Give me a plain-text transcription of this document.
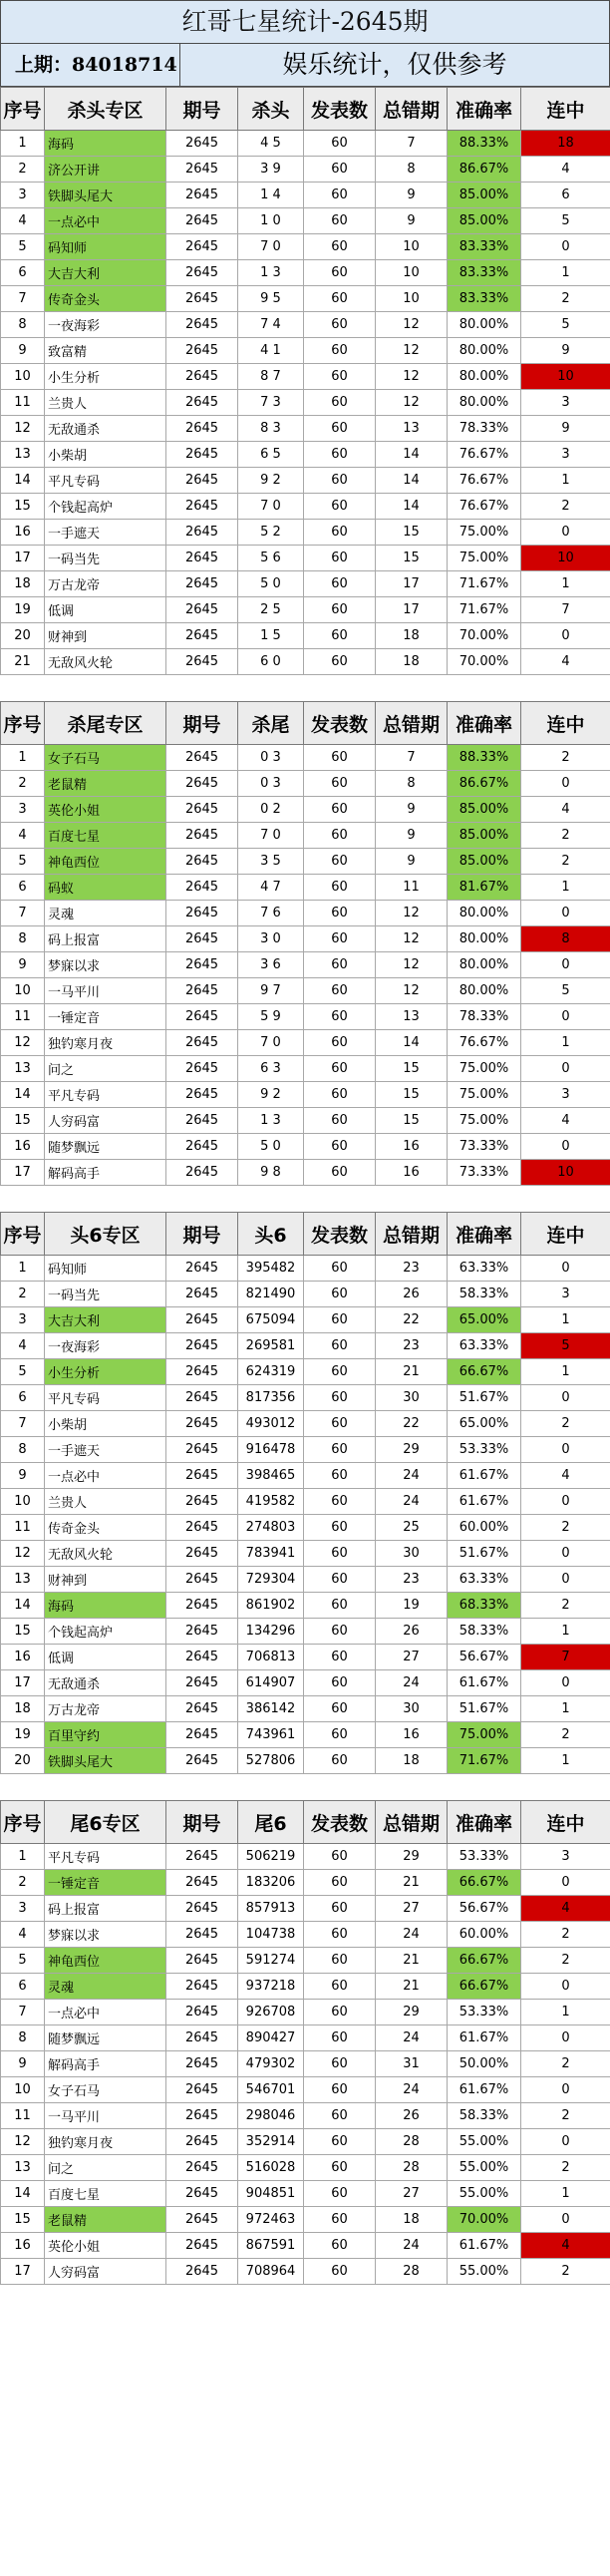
红哥七星统计-2645期
上期：84018714	娱乐统计，仅供参考
序号	杀头专区	期号	杀头	发表数	总错期	准确率	连中
1	海码	2645	4 5	60	7	88.33%	18
2	济公开讲	2645	3 9	60	8	86.67%	4
3	铁脚头尾大	2645	1 4	60	9	85.00%	6
4	一点必中	2645	1 0	60	9	85.00%	5
5	码知师	2645	7 0	60	10	83.33%	0
6	大吉大利	2645	1 3	60	10	83.33%	1
7	传奇金头	2645	9 5	60	10	83.33%	2
8	一夜海彩	2645	7 4	60	12	80.00%	5
9	致富精	2645	4 1	60	12	80.00%	9
10	小生分析	2645	8 7	60	12	80.00%	10
11	兰贵人	2645	7 3	60	12	80.00%	3
12	无敌通杀	2645	8 3	60	13	78.33%	9
13	小柴胡	2645	6 5	60	14	76.67%	3
14	平凡专码	2645	9 2	60	14	76.67%	1
15	个钱起高炉	2645	7 0	60	14	76.67%	2
16	一手遮天	2645	5 2	60	15	75.00%	0
17	一码当先	2645	5 6	60	15	75.00%	10
18	万古龙帝	2645	5 0	60	17	71.67%	1
19	低调	2645	2 5	60	17	71.67%	7
20	财神到	2645	1 5	60	18	70.00%	0
21	无敌风火轮	2645	6 0	60	18	70.00%	4
序号	杀尾专区	期号	杀尾	发表数	总错期	准确率	连中
1	女子石马	2645	0 3	60	7	88.33%	2
2	老鼠精	2645	0 3	60	8	86.67%	0
3	英伦小姐	2645	0 2	60	9	85.00%	4
4	百度七星	2645	7 0	60	9	85.00%	2
5	神龟西位	2645	3 5	60	9	85.00%	2
6	码蚁	2645	4 7	60	11	81.67%	1
7	灵魂	2645	7 6	60	12	80.00%	0
8	码上报富	2645	3 0	60	12	80.00%	8
9	梦寐以求	2645	3 6	60	12	80.00%	0
10	一马平川	2645	9 7	60	12	80.00%	5
11	一锤定音	2645	5 9	60	13	78.33%	0
12	独钓寒月夜	2645	7 0	60	14	76.67%	1
13	问之	2645	6 3	60	15	75.00%	0
14	平凡专码	2645	9 2	60	15	75.00%	3
15	人穷码富	2645	1 3	60	15	75.00%	4
16	随梦飘远	2645	5 0	60	16	73.33%	0
17	解码高手	2645	9 8	60	16	73.33%	10
序号	头6专区	期号	头6	发表数	总错期	准确率	连中
1	码知师	2645	395482	60	23	63.33%	0
2	一码当先	2645	821490	60	26	58.33%	3
3	大吉大利	2645	675094	60	22	65.00%	1
4	一夜海彩	2645	269581	60	23	63.33%	5
5	小生分析	2645	624319	60	21	66.67%	1
6	平凡专码	2645	817356	60	30	51.67%	0
7	小柴胡	2645	493012	60	22	65.00%	2
8	一手遮天	2645	916478	60	29	53.33%	0
9	一点必中	2645	398465	60	24	61.67%	4
10	兰贵人	2645	419582	60	24	61.67%	0
11	传奇金头	2645	274803	60	25	60.00%	2
12	无敌风火轮	2645	783941	60	30	51.67%	0
13	财神到	2645	729304	60	23	63.33%	0
14	海码	2645	861902	60	19	68.33%	2
15	个钱起高炉	2645	134296	60	26	58.33%	1
16	低调	2645	706813	60	27	56.67%	7
17	无敌通杀	2645	614907	60	24	61.67%	0
18	万古龙帝	2645	386142	60	30	51.67%	1
19	百里守约	2645	743961	60	16	75.00%	2
20	铁脚头尾大	2645	527806	60	18	71.67%	1
序号	尾6专区	期号	尾6	发表数	总错期	准确率	连中
1	平凡专码	2645	506219	60	29	53.33%	3
2	一锤定音	2645	183206	60	21	66.67%	0
3	码上报富	2645	857913	60	27	56.67%	4
4	梦寐以求	2645	104738	60	24	60.00%	2
5	神龟西位	2645	591274	60	21	66.67%	2
6	灵魂	2645	937218	60	21	66.67%	0
7	一点必中	2645	926708	60	29	53.33%	1
8	随梦飘远	2645	890427	60	24	61.67%	0
9	解码高手	2645	479302	60	31	50.00%	2
10	女子石马	2645	546701	60	24	61.67%	0
11	一马平川	2645	298046	60	26	58.33%	2
12	独钓寒月夜	2645	352914	60	28	55.00%	0
13	问之	2645	516028	60	28	55.00%	2
14	百度七星	2645	904851	60	27	55.00%	1
15	老鼠精	2645	972463	60	18	70.00%	0
16	英伦小姐	2645	867591	60	24	61.67%	4
17	人穷码富	2645	708964	60	28	55.00%	2
